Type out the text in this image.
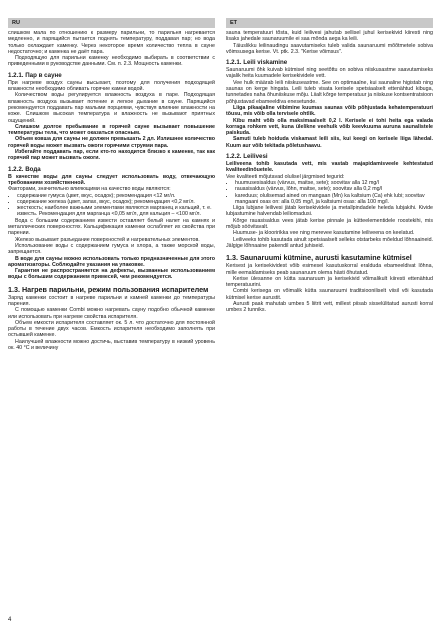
RU	ET

слишком мала по отношению к размеру парильни, то парильня нагревается медленно, и парящийся пытается поднять температуру, поддавая пар; но вода только охлаждает каменку. Через некоторое время количество тепла в сауне недостаточно; и каменка не даёт пара.

Подходящую для парильни каменку необходимо выбирать в соответствии с приведенными в руководстве данными. См. п. 2.3. Мощность каменки.

1.2.1. Пар в сауне

При нагреве воздух сауны высыхает, поэтому для получения подходящей влажности необходимо обливать горячие камни водой.

Количеством воды регулируется влажность воздуха в паре. Подходящая влажность воздуха вызывает потение и легкое дыхание в сауне. Парящийся рекомендуется поддавать пар малыми порциями, чувствуя влияние влажности на коже. Слишком высокая температура и влажность не вызывают приятных ощущений.

Слишком долгое пребывание в горячей сауне вызывает повышение температуры тела, что может оказаться опасным.

Объем ковша для сауны не должен превышать 2 дл. Излишнее количество горячей воды может вызвать ожоги горячими струями пара.

Избегайте поддавать пар, если кто-то находится близко к каменке, так как горячий пар может вызвать ожоги.

1.2.2. Вода

В качестве воды для сауны следует использовать воду, отвечающую требованиям хозяйственной.

Факторами, значительно влияющими на качество воды являются:

• содержание гумуса (цвет, вкус, осадок); рекомендация <12 мг/л.
• содержание железа (цвет, запах, вкус, осадок); рекомендация <0,2 мг/л.
• жесткость; наиболее важными элементами являются марганец и кальций, т. е. известь. Рекомендация для марганца <0,05 мг/л, для кальция – <100 мг/л.

Вода с большим содержанием извести оставляет белый налет на камнях и металлических поверхностях. Кальцификация каменки ослабляет их свойства при парении.

Железо вызывает разъедание поверхностей и нагревательных элементов.

Использование воды с содержанием гумуса и хлора, а также морской воды, запрещается.

В воде для сауны можно использовать только предназначенные для этого ароматизаторы. Соблюдайте указания на упаковке.

Гарантия не распространяется на дефекты, вызванные использованием воды с большим содержанием примесей, чем рекомендуется.

1.3. Нагрев парильни, режим пользования испарителем

Заряд каменки состоит в нагреве парильни и камней каменки до температуры парения.

С помощью каменки Combi можно нагревать сауну подобно обычной каменке или использовать при нагреве свойства испарителя.

Объем емкости испарителя составляет ок. 5 л. что достаточно для постоянной работы в течение двух часов. Емкость испарителя необходимо заполнять при остывшей каменке.

Наилучшей влажности можно достичь, выставив температуру в низкий уровень ок. 40 °C и величину

sauna temperatuuri tõsta, kuid leilivesi jahutab sellisel juhul kerisekivid kiiresti ning lisaks jahedale saunaruumile ei saa mõnda aega ka leili.

Täiuslikku leilinaudingu saavutamiseks tuleb valida saunaruumi mõõtmetele sobiva võimsusega kerise. Vt. ptk. 2.3. "Kerise võimsus".

1.2.1. Leili viskamine

Saunaruumi õhk kuivab kütmisel ning seetõttu on sobiva niiskusastme saavutamiseks vajalik heita kuumadele kerisekividele vett.

Vee hulk määrab leili niiskuseastme. See on optimaalne, kui saunaline higistab ning saunas on kerge hingata. Leili tuleb visata kerisele spetsiaalselt ettenähtud kibuga, tunnetades naha õhuniiskuse mõju. Liialt kõrge temperatuur ja niiskuse kontsentratsioon põhjustavad ebameeldiva enesetunde.

Liiga pikaajaline viibimine kuumas saunas võib põhjustada kehatemperatuuri tõusu, mis võib olla tervisele ohtlik.

Kibu maht võib olla maksimaalselt 0,2 l. Kerisele ei tohi heita ega valada korraga rohkem vett, kuna ülelikne veehulk võib keevkuuma auruna saunalistele paiskuda.

Samuti tuleb hoiduda viskamast leili siis, kui keegi on kerisele liiga lähedal. Kuum aur võib tekitada põletushaavu.

1.2.2. Leilivesi

Leiliveena tohib kasutada vett, mis vastab majapidamisveele kehtestatud kvaliteedinõuetele.

Vee kvaliteeti mõjutavad olulisel järgmised tegurid:

• huumusesisaldus (värvus, maitse, sete); soovitav alla 12 mg/l
• rauasisaldus (värvus, lõhn, maitse, sete); soovitav alla 0,2 mg/l
• kareduus; olulisemad ained on mangaan (Mn) ka kaltsium (Ca) ehk lubi; soovitav mangaani osas on: alla 0,05 mg/l, ja kaltsiumi osas: alla 100 mg/l.

Liiga lubjane leilivesi jätab kerisekividele ja metallpindadele heleda lubjakihi. Kivide lubjastumine halvendab leiliomadusi.

Kõrge rauasisaldus vees jätab kerise pinnale ja kütteelementidele roostekihi, mis mõjub söövitavalt.

Huumuse- ja klooririkka vee ning mereveе kasutamine leiliveena on keelatud.

Leiliveeks tohib kasutada ainult spetsiaalselt selleks otstarbeks mõeldud lõhnaaineid. Jälgige lõhnaaine pakendil antud juhiseid.

1.3. Saunaruumi kütmine, aurusti kasutamine kütmisel

Kerisest ja kerisekividest võib esimesel kasutuskorral eralduda ebameeldivat lõhna, mille eemaldamiseks peab saunaruum olema hästi õhutatud.

Kerise ülesanne on kütta saunaruum ja kerisekivid võimalikult kiiresti ettenähtud temperatuurini.

Combi kerisega on võimalik kütta saunaruumi traditsiooniliselt viisil või kasutada kütmisel kerise aurustit.

Aurusti paak mahutab umbes 5 liitrit vett, millest piisab sisselülitatud aurusti korral umbes 2 tunniks.

4
